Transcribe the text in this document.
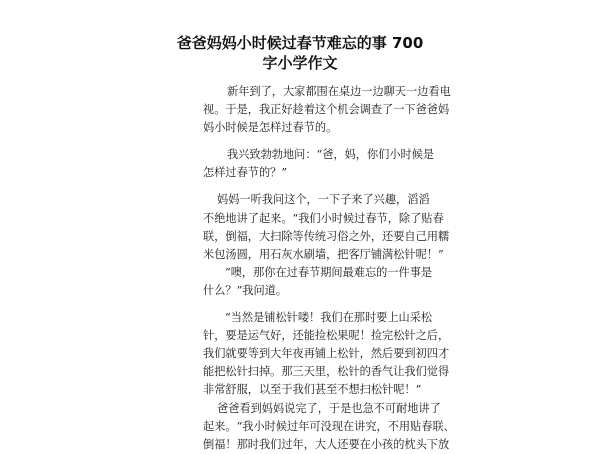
爸爸妈妈小时候过春节难忘的事 700
字小学作文
新年到了，大家都围在桌边一边聊天一边看电
视。于是，我正好趁着这个机会调查了一下爸爸妈
妈小时候是怎样过春节的。
我兴致勃勃地问：“爸，妈，你们小时候是
怎样过春节的？”
妈妈一听我问这个，一下子来了兴趣，滔滔
不绝地讲了起来。“我们小时候过春节，除了贴春
联，倒福，大扫除等传统习俗之外，还要自己用糯
米包汤圆，用石灰水刷墙，把客厅铺满松针呢！”
“噢，那你在过春节期间最难忘的一件事是
什么？”我问道。
“当然是铺松针喽！我们在那时要上山采松
针，要是运气好，还能捡松果呢！捡完松针之后，
我们就要等到大年夜再铺上松针，然后要到初四才
能把松针扫掉。那三天里，松针的香气让我们觉得
非常舒服，以至于我们甚至不想扫松针呢！”
爸爸看到妈妈说完了，于是也急不可耐地讲了
起来。“我小时候过年可没现在讲究，不用贴春联、
倒福！那时我们过年，大人还要在小孩的枕头下放
